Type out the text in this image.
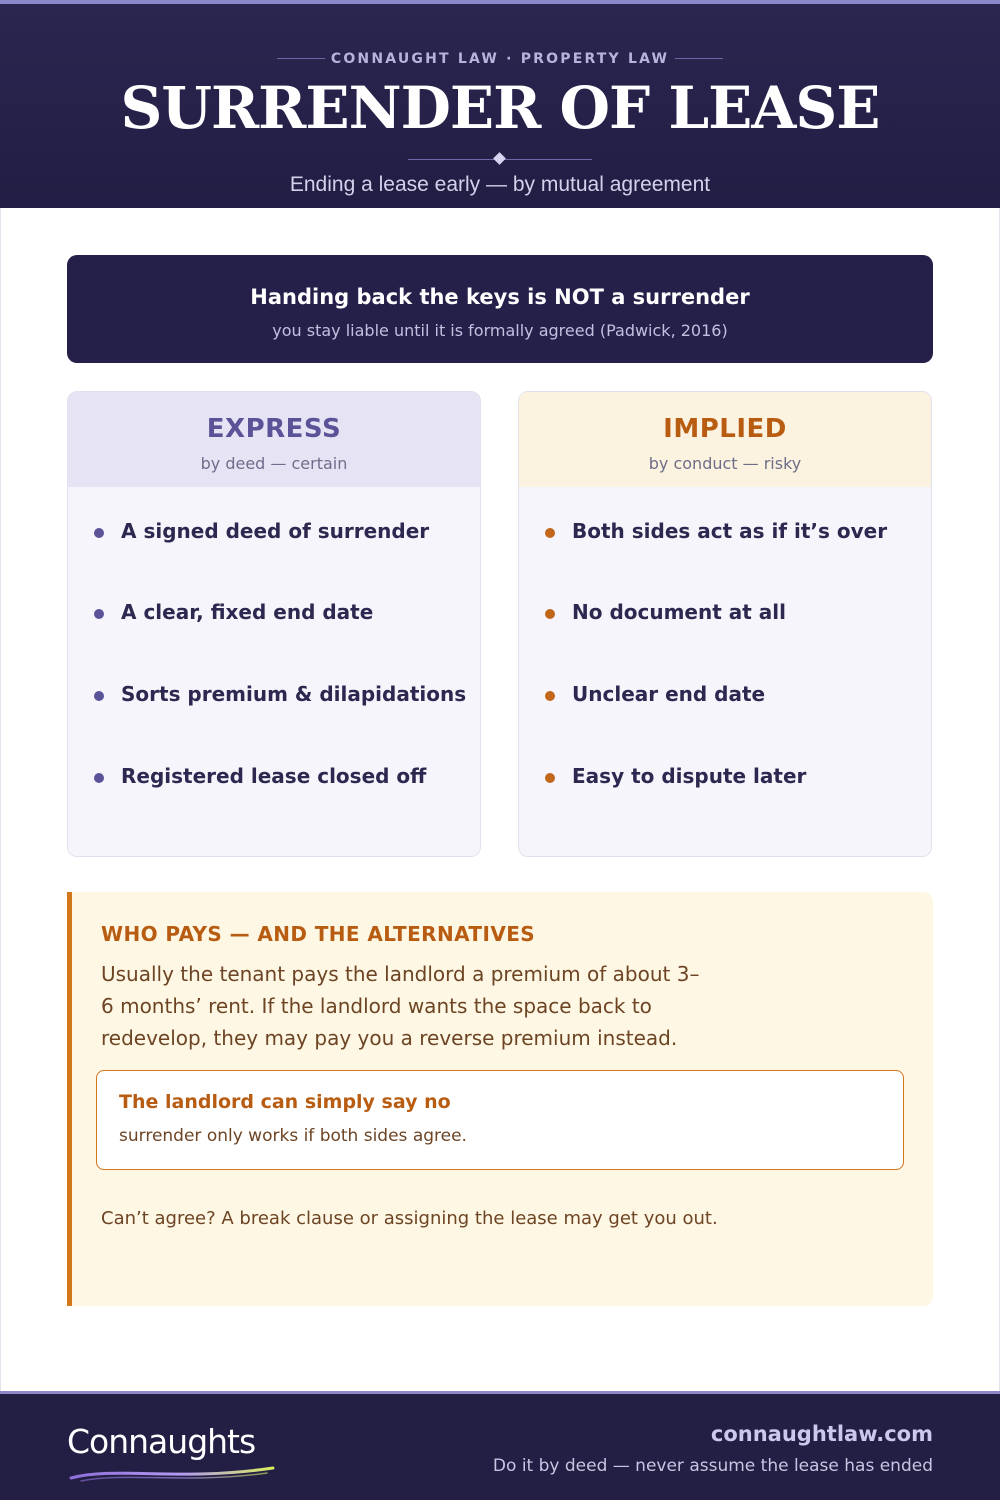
CONNAUGHT LAW · PROPERTY LAW
SURRENDER OF LEASE
Ending a lease early — by mutual agreement
Handing back the keys is NOT a surrender
you stay liable until it is formally agreed (Padwick, 2016)
EXPRESS
by deed — certain
A signed deed of surrender
A clear, fixed end date
Sorts premium & dilapidations
Registered lease closed off
IMPLIED
by conduct — risky
Both sides act as if it’s over
No document at all
Unclear end date
Easy to dispute later
WHO PAYS — AND THE ALTERNATIVES
Usually the tenant pays the landlord a premium of about 3–6 months’ rent. If the landlord wants the space back to redevelop, they may pay you a reverse premium instead.
The landlord can simply say no
surrender only works if both sides agree.
Can’t agree? A break clause or assigning the lease may get you out.
Connaughts	connaughtlaw.com
Do it by deed — never assume the lease has ended
